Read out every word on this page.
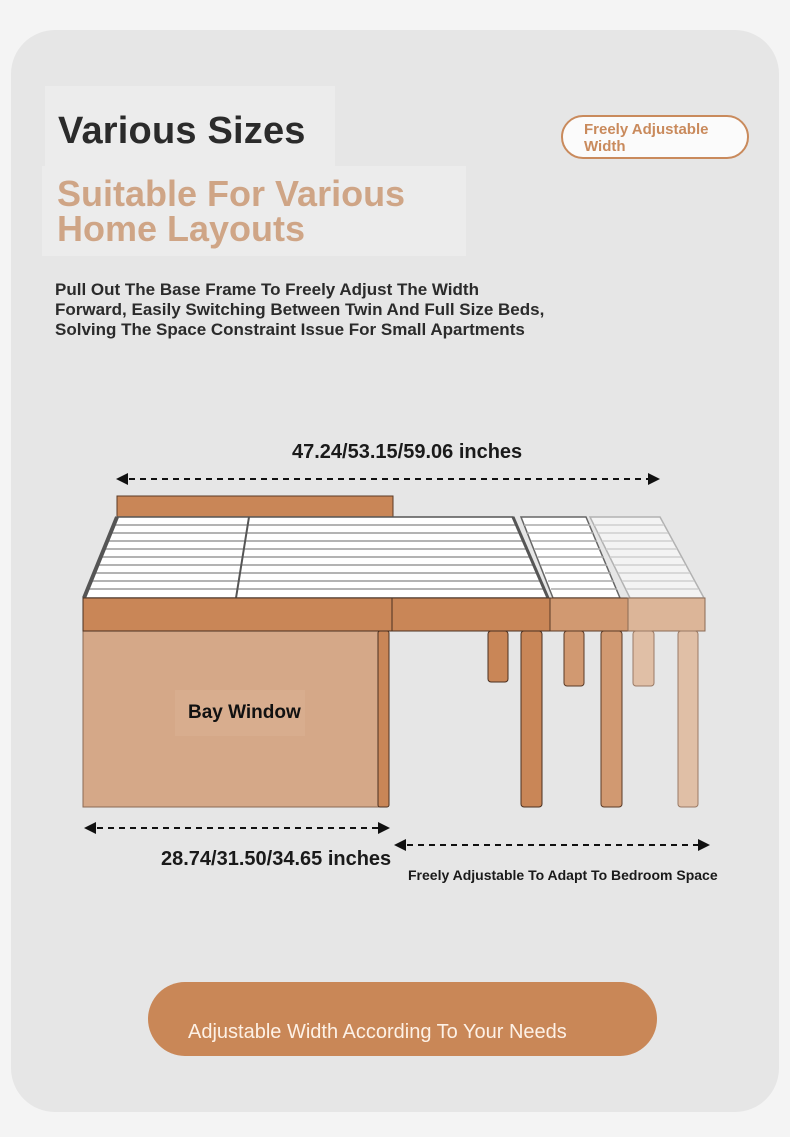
Various Sizes
Suitable For Various Home Layouts
Freely Adjustable Width

Pull Out The Base Frame To Freely Adjust The Width Forward, Easily Switching Between Twin And Full Size Beds, Solving The Space Constraint Issue For Small Apartments

47.24/53.15/59.06 inches
Bay Window
28.74/31.50/34.65 inches
Freely Adjustable To Adapt To Bedroom Space
Adjustable Width According To Your Needs
